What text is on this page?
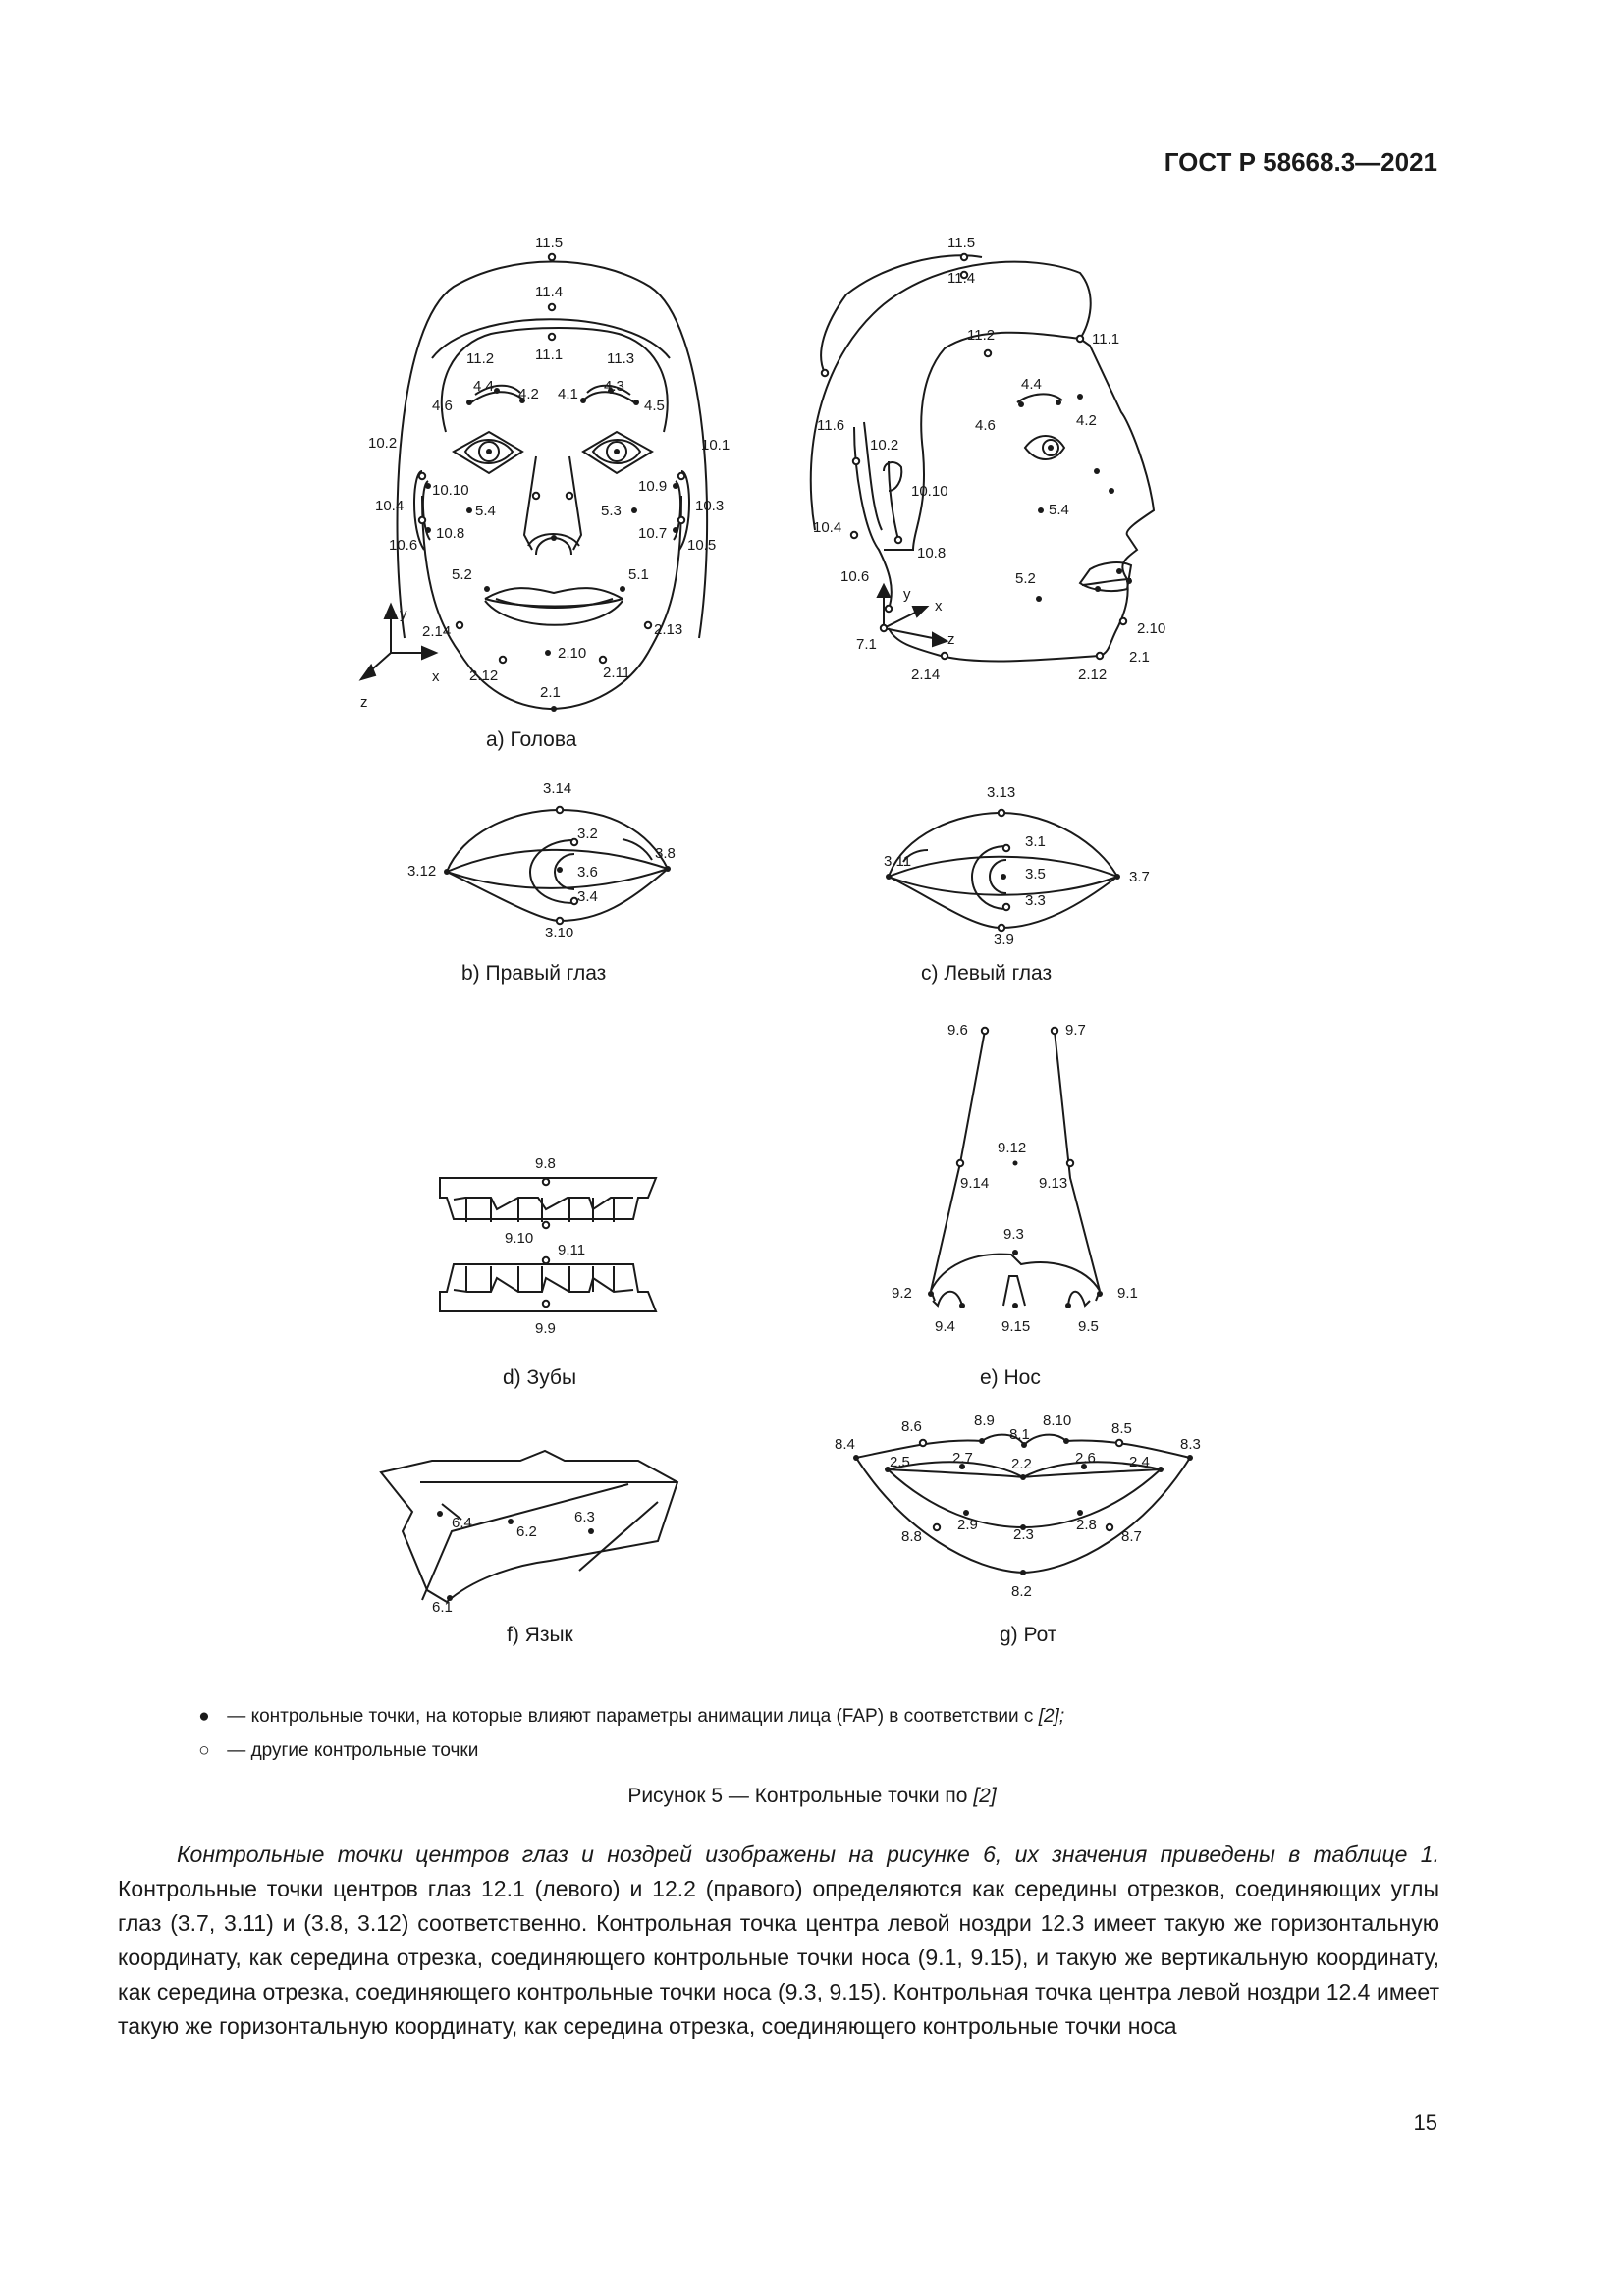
ГОСТ Р 58668.3—2021
11.5
11.4
11.2	11.1	11.3
4.4 4.2 4.1 4.3
4.6	4.5
10.2	10.1
10.10	10.9
10.4	10.3
5.4	5.3
10.8	10.7
10.6	10.5
5.2	5.1
2.14	2.13
2.10
2.12	2.11
2.1
y
x
z
11.5
11.4
11.2	11.1
4.4
4.6	4.2
11.6
10.2
10.10
10.4
10.8
10.6
5.4
5.2
y
x
7.1	z
2.10
2.1
2.14	2.12
a) Голова
3.14
3.2
3.8
3.12	3.6
3.4
3.10
b) Правый глаз
3.13
3.11
3.1
3.5	3.7
3.3
3.9
c) Левый глаз
9.8
9.10
9.11
9.9
d) Зубы
9.6	9.7
9.12
9.14	9.13
9.3
9.2	9.1
9.4	9.15	9.5
e) Нос
6.4
6.2
6.3
6.1
f) Язык
8.4
8.6	8.9
8.1
8.10	8.5
8.3
2.5	2.7	2.2	2.6 2.4
2.9
2.3
2.8
8.8	8.7
8.2
g) Рот
● — контрольные точки, на которые влияют параметры анимации лица (FAP) в соответствии с [2];
○ — другие контрольные точки
Рисунок 5 — Контрольные точки по [2]

Контрольные точки центров глаз и ноздрей изображены на рисунке 6, их значения приведены в таблице 1. Контрольные точки центров глаз 12.1 (левого) и 12.2 (правого) определяются как середины отрезков, соединяющих углы глаз (3.7, 3.11) и (3.8, 3.12) соответственно. Контрольная точка центра левой ноздри 12.3 имеет такую же горизонтальную координату, как середина отрезка, соединяющего контрольные точки носа (9.1, 9.15), и такую же вертикальную координату, как середина отрезка, соединяющего контрольные точки носа (9.3, 9.15). Контрольная точка центра левой ноздри 12.4 имеет такую же горизонтальную координату, как середина отрезка, соединяющего контрольные точки носа

15
